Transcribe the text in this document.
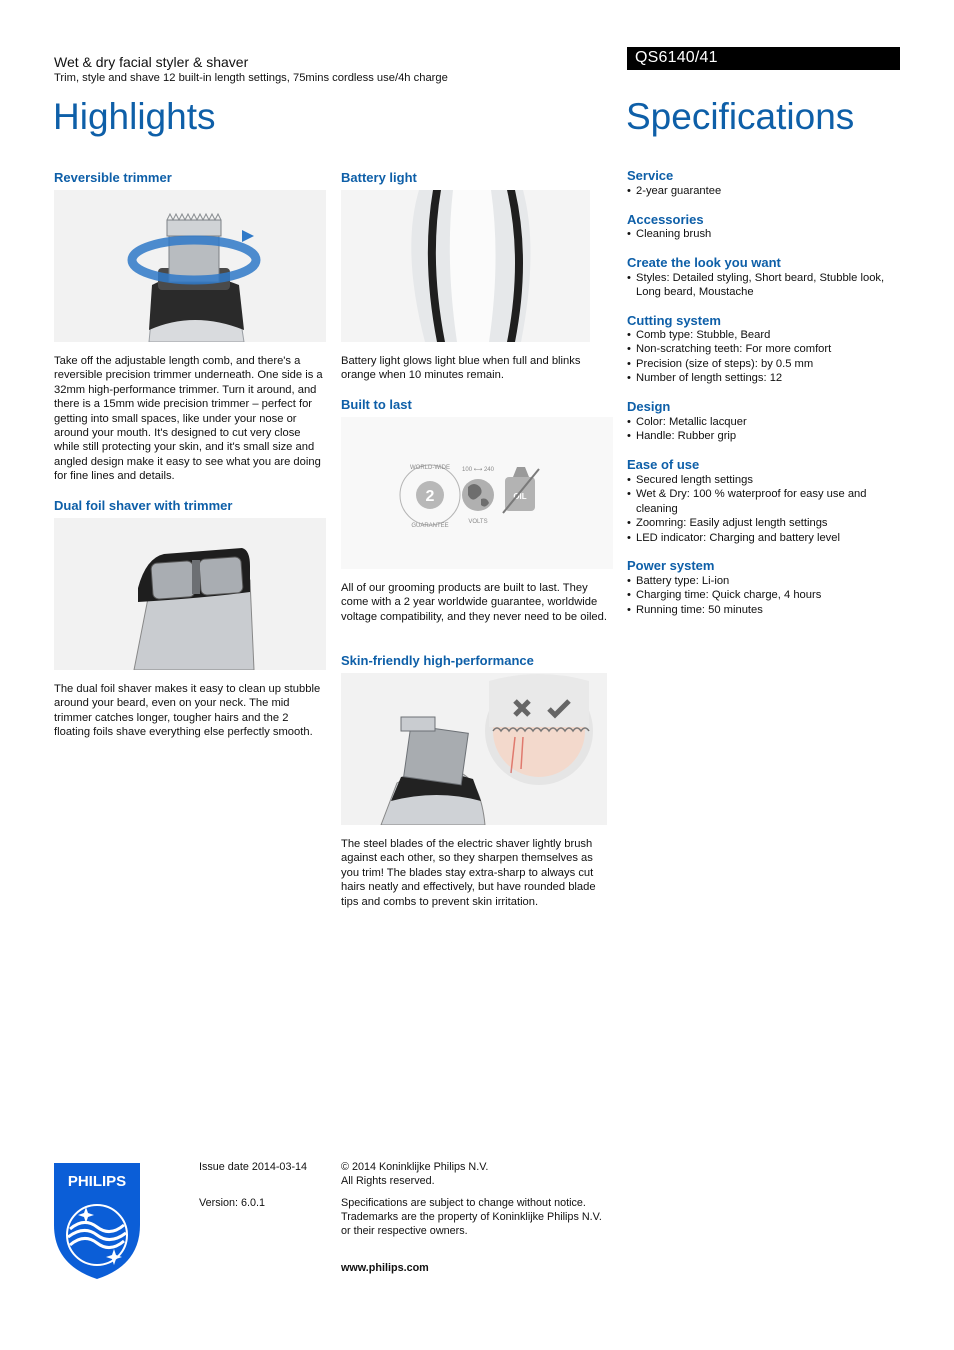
Wet & dry facial styler & shaver
Trim, style and shave 12 built-in length settings, 75mins cordless use/4h charge
QS6140/41
Highlights	Specifications
Reversible trimmer
Take off the adjustable length comb, and there's a reversible precision trimmer underneath. One side is a 32mm high-performance trimmer. Turn it around, and there is a 15mm wide precision trimmer – perfect for getting into small spaces, like under your nose or around your mouth. It's designed to cut very close while still protecting your skin, and it's small size and angled design make it easy to see what you are doing for fine lines and details.
Dual foil shaver with trimmer
The dual foil shaver makes it easy to clean up stubble around your beard, even on your neck. The mid trimmer catches longer, tougher hairs and the 2 floating foils shave everything else perfectly smooth.
Battery light
Battery light glows light blue when full and blinks orange when 10 minutes remain.
Built to last
2
WORLD-WIDE
GUARANTEE
100 ⟷ 240
VOLTS
OIL
All of our grooming products are built to last. They come with a 2 year worldwide guarantee, worldwide voltage compatibility, and they never need to be oiled.
Skin-friendly high-performance
The steel blades of the electric shaver lightly brush against each other, so they sharpen themselves as you trim! The blades stay extra-sharp to always cut hairs neatly and effectively, but have rounded blade tips and combs to prevent skin irritation.
Service
• 2-year guarantee
Accessories
• Cleaning brush
Create the look you want
• Styles: Detailed styling, Short beard, Stubble look, Long beard, Moustache
Cutting system
• Comb type: Stubble, Beard
• Non-scratching teeth: For more comfort
• Precision (size of steps): by 0.5 mm
• Number of length settings: 12
Design
• Color: Metallic lacquer
• Handle: Rubber grip
Ease of use
• Secured length settings
• Wet & Dry: 100 % waterproof for easy use and cleaning
• Zoomring: Easily adjust length settings
• LED indicator: Charging and battery level
Power system
• Battery type: Li-ion
• Charging time: Quick charge, 4 hours
• Running time: 50 minutes
PHILIPS
Issue date 2014-03-14
Version: 6.0.1
© 2014 Koninklijke Philips N.V.
All Rights reserved.
Specifications are subject to change without notice.
Trademarks are the property of Koninklijke Philips N.V.
or their respective owners.
www.philips.com
